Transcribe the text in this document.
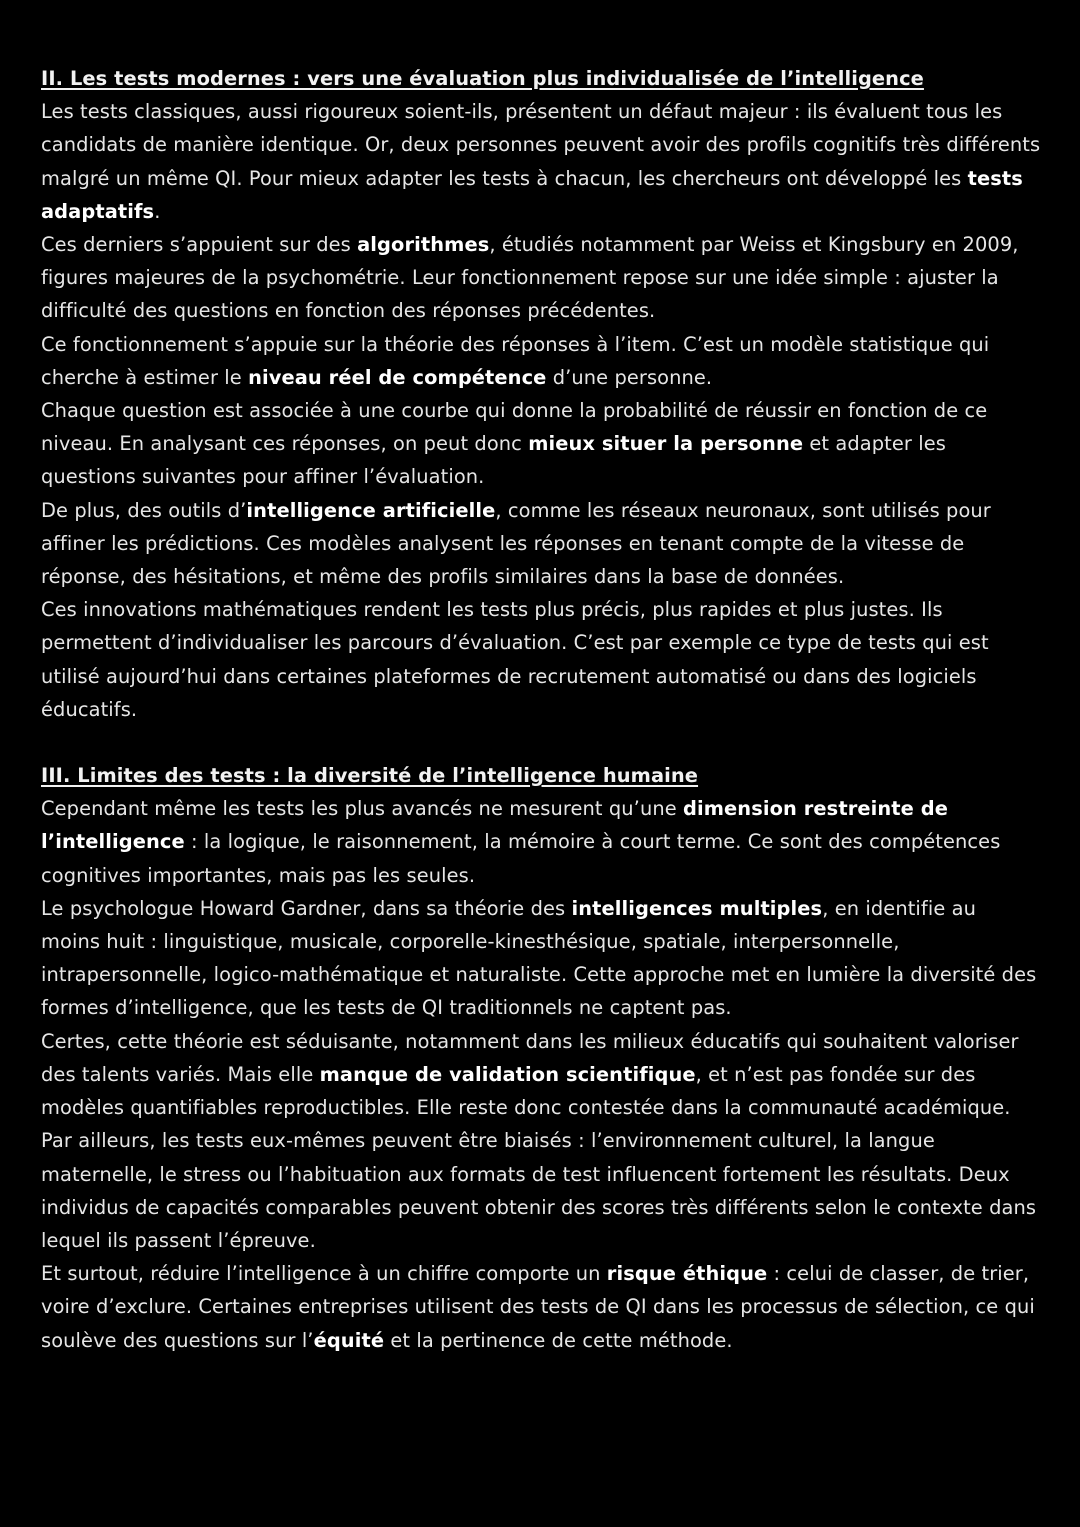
II. Les tests modernes : vers une évaluation plus individualisée de l’intelligence

Les tests classiques, aussi rigoureux soient-ils, présentent un défaut majeur : ils évaluent tous les candidats de manière identique. Or, deux personnes peuvent avoir des profils cognitifs très différents malgré un même QI. Pour mieux adapter les tests à chacun, les chercheurs ont développé les tests adaptatifs.

Ces derniers s’appuient sur des algorithmes, étudiés notamment par Weiss et Kingsbury en 2009, figures majeures de la psychométrie. Leur fonctionnement repose sur une idée simple : ajuster la difficulté des questions en fonction des réponses précédentes.

Ce fonctionnement s’appuie sur la théorie des réponses à l’item. C’est un modèle statistique qui cherche à estimer le niveau réel de compétence d’une personne.

Chaque question est associée à une courbe qui donne la probabilité de réussir en fonction de ce niveau. En analysant ces réponses, on peut donc mieux situer la personne et adapter les questions suivantes pour affiner l’évaluation.

De plus, des outils d’intelligence artificielle, comme les réseaux neuronaux, sont utilisés pour affiner les prédictions. Ces modèles analysent les réponses en tenant compte de la vitesse de réponse, des hésitations, et même des profils similaires dans la base de données.

Ces innovations mathématiques rendent les tests plus précis, plus rapides et plus justes. Ils permettent d’individualiser les parcours d’évaluation. C’est par exemple ce type de tests qui est utilisé aujourd’hui dans certaines plateformes de recrutement automatisé ou dans des logiciels éducatifs.

III. Limites des tests : la diversité de l’intelligence humaine

Cependant même les tests les plus avancés ne mesurent qu’une dimension restreinte de l’intelligence : la logique, le raisonnement, la mémoire à court terme. Ce sont des compétences cognitives importantes, mais pas les seules.

Le psychologue Howard Gardner, dans sa théorie des intelligences multiples, en identifie au moins huit : linguistique, musicale, corporelle-kinesthésique, spatiale, interpersonnelle, intrapersonnelle, logico-mathématique et naturaliste. Cette approche met en lumière la diversité des formes d’intelligence, que les tests de QI traditionnels ne captent pas.

Certes, cette théorie est séduisante, notamment dans les milieux éducatifs qui souhaitent valoriser des talents variés. Mais elle manque de validation scientifique, et n’est pas fondée sur des modèles quantifiables reproductibles. Elle reste donc contestée dans la communauté académique.

Par ailleurs, les tests eux-mêmes peuvent être biaisés : l’environnement culturel, la langue maternelle, le stress ou l’habituation aux formats de test influencent fortement les résultats. Deux individus de capacités comparables peuvent obtenir des scores très différents selon le contexte dans lequel ils passent l’épreuve.

Et surtout, réduire l’intelligence à un chiffre comporte un risque éthique : celui de classer, de trier, voire d’exclure. Certaines entreprises utilisent des tests de QI dans les processus de sélection, ce qui soulève des questions sur l’équité et la pertinence de cette méthode.
